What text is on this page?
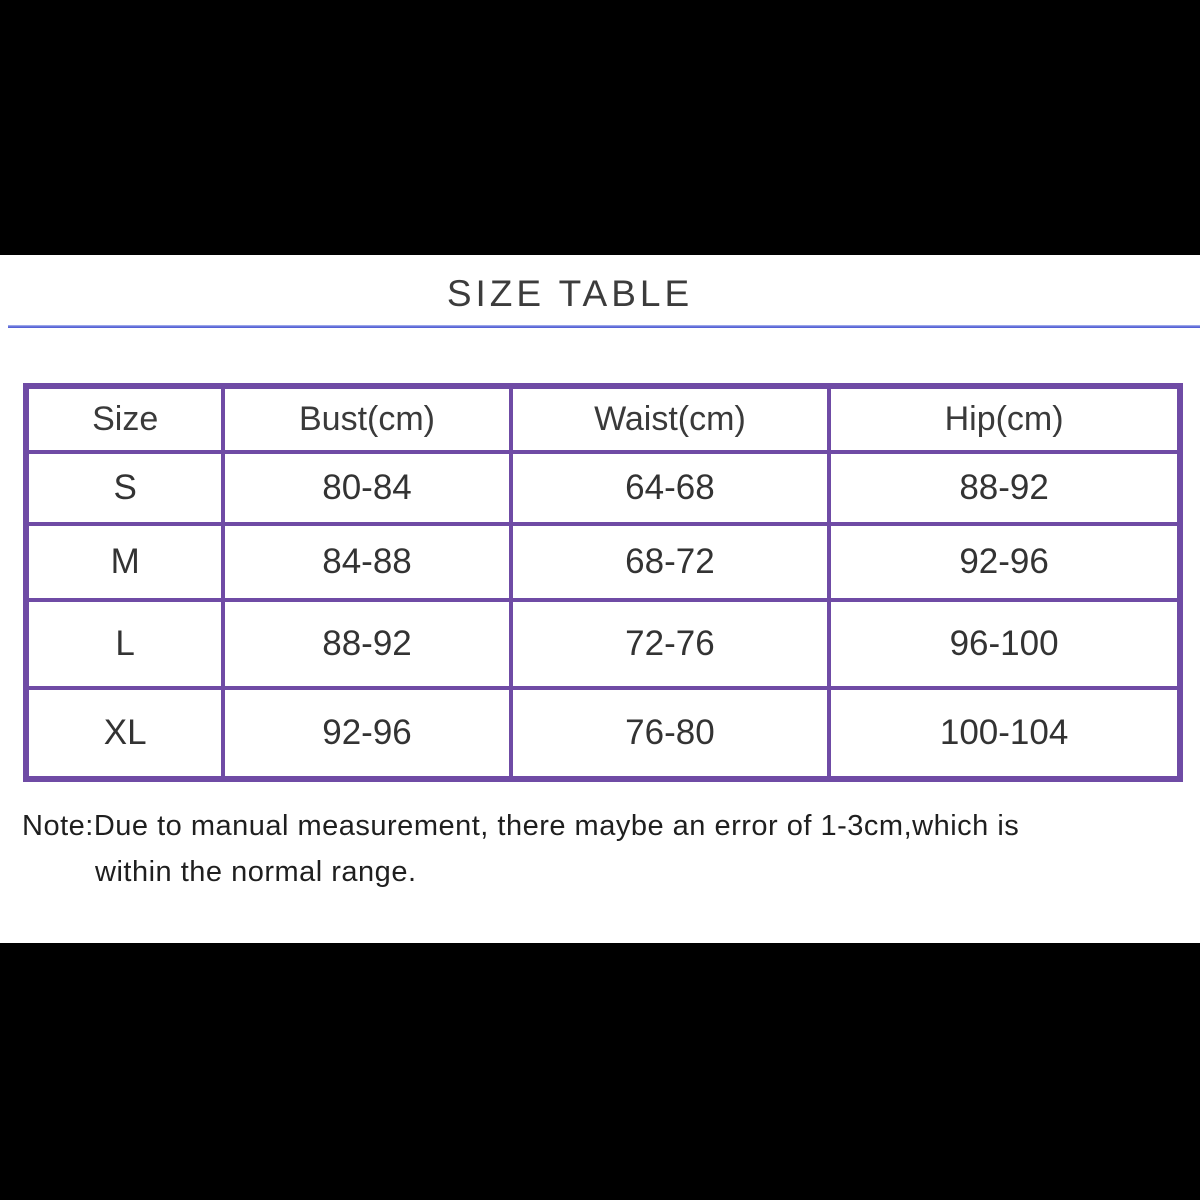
SIZE TABLE
Size	Bust(cm)	Waist(cm)	Hip(cm)
S	80-84	64-68	88-92
M	84-88	68-72	92-96
L	88-92	72-76	96-100
XL	92-96	76-80	100-104
Note:Due to manual measurement, there maybe an error of 1-3cm,which is
within the normal range.
